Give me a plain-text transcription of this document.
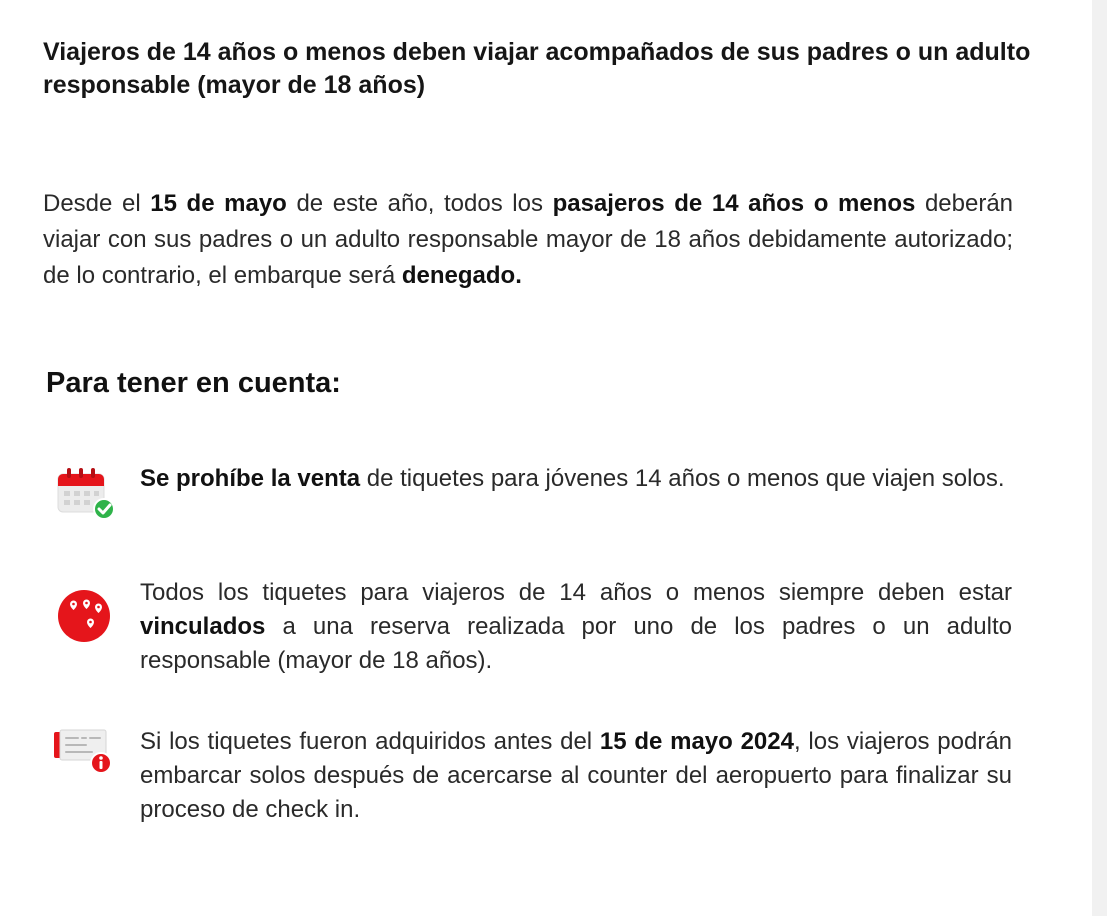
Viajeros de 14 años o menos deben viajar acompañados de sus padres o un adulto responsable (mayor de 18 años)

Desde el 15 de mayo de este año, todos los pasajeros de 14 años o menos deberán viajar con sus padres o un adulto responsable mayor de 18 años debidamente autorizado; de lo contrario, el embarque será denegado.

Para tener en cuenta:

Se prohíbe la venta de tiquetes para jóvenes 14 años o menos que viajen solos.

Todos los tiquetes para viajeros de 14 años o menos siempre deben estar vinculados a una reserva realizada por uno de los padres o un adulto responsable (mayor de 18 años).

Si los tiquetes fueron adquiridos antes del 15 de mayo 2024, los viajeros podrán embarcar solos después de acercarse al counter del aeropuerto para finalizar su proceso de check in.
